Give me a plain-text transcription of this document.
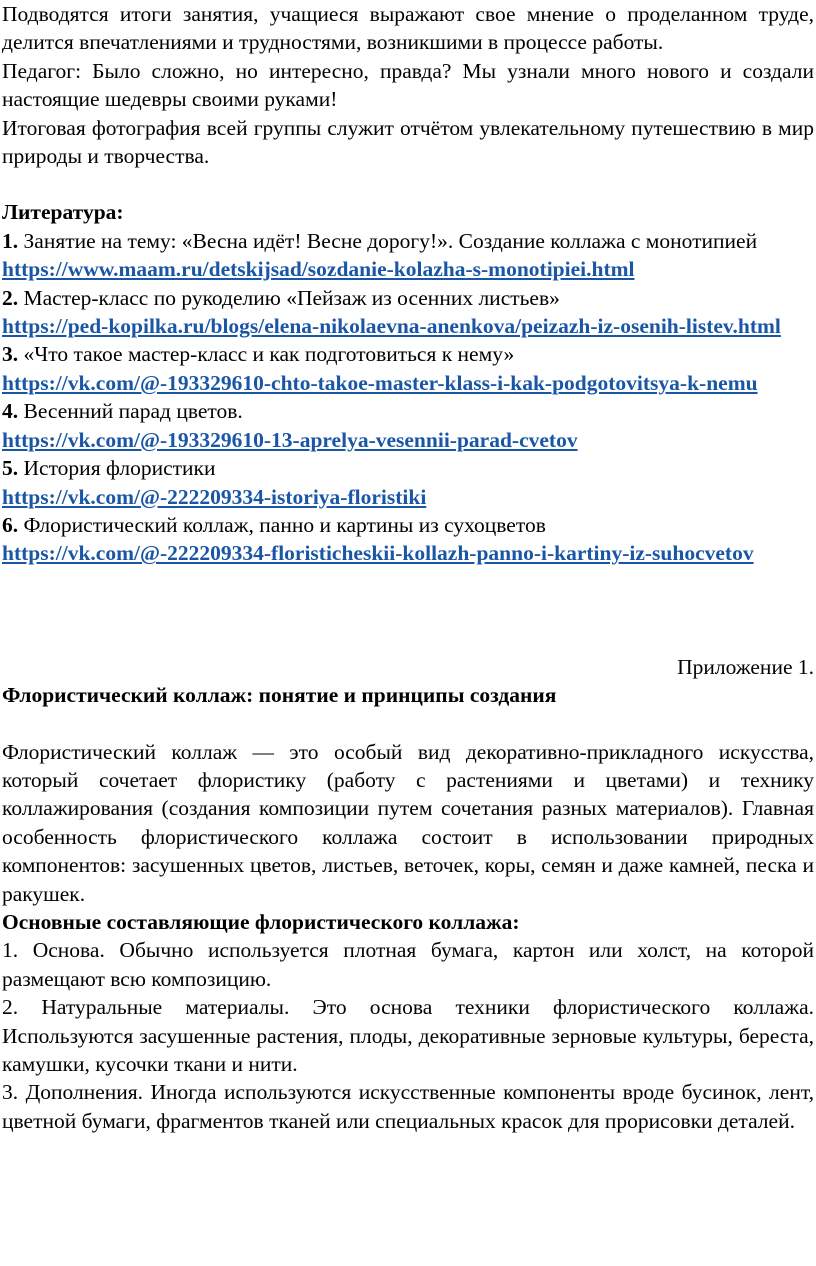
Подводятся итоги занятия, учащиеся выражают свое мнение о проделанном труде, делится впечатлениями и трудностями, возникшими в процессе работы.

Педагог: Было сложно, но интересно, правда? Мы узнали много нового и создали настоящие шедевры своими руками!

Итоговая фотография всей группы служит отчётом увлекательному путешествию в мир природы и творчества.

Литература:

1. Занятие на тему: «Весна идёт! Весне дорогу!». Создание коллажа с монотипией

https://www.maam.ru/detskijsad/sozdanie-kolazha-s-monotipiei.html

2. Мастер-класс по рукоделию «Пейзаж из осенних листьев»

https://ped-kopilka.ru/blogs/elena-nikolaevna-anenkova/peizazh-iz-osenih-listev.html

3. «Что такое мастер-класс и как подготовиться к нему»

https://vk.com/@-193329610-chto-takoe-master-klass-i-kak-podgotovitsya-k-nemu

4. Весенний парад цветов.

https://vk.com/@-193329610-13-aprelya-vesennii-parad-cvetov

5. История флористики

https://vk.com/@-222209334-istoriya-floristiki

6. Флористический коллаж, панно и картины из сухоцветов

https://vk.com/@-222209334-floristicheskii-kollazh-panno-i-kartiny-iz-suhocvetov

Приложение 1.

Флористический коллаж: понятие и принципы создания

Флористический коллаж — это особый вид декоративно-прикладного искусства, который сочетает флористику (работу с растениями и цветами) и технику коллажирования (создания композиции путем сочетания разных материалов). Главная особенность флористического коллажа состоит в использовании природных компонентов: засушенных цветов, листьев, веточек, коры, семян и даже камней, песка и ракушек.

Основные составляющие флористического коллажа:

1. Основа. Обычно используется плотная бумага, картон или холст, на которой размещают всю композицию.

2. Натуральные материалы. Это основа техники флористического коллажа. Используются засушенные растения, плоды, декоративные зерновые культуры, береста, камушки, кусочки ткани и нити.

3. Дополнения. Иногда используются искусственные компоненты вроде бусинок, лент, цветной бумаги, фрагментов тканей или специальных красок для прорисовки деталей.
